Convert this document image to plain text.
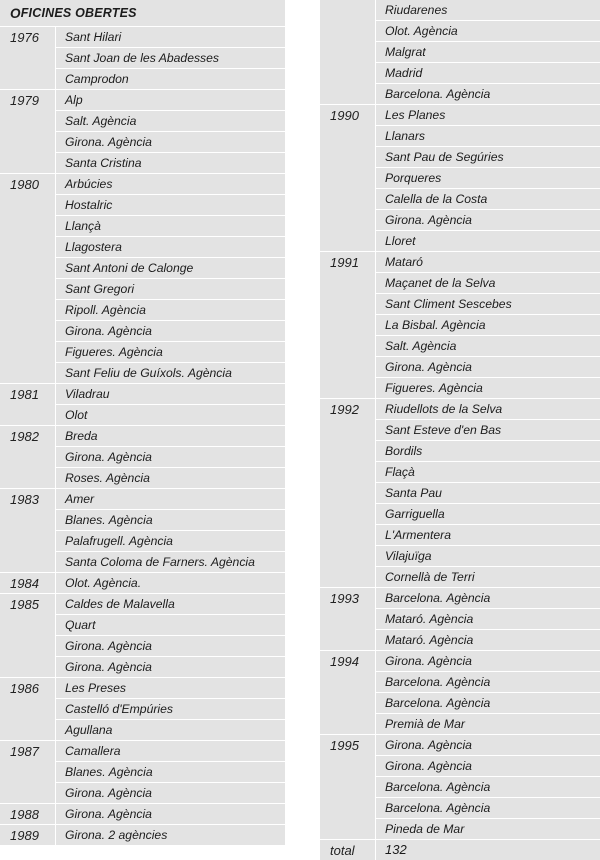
O FICINES OBERTES
1976	Sant Hilari
Sant Joan de les Abadesses
Camprodon
1979	Alp
Salt. Agència
Girona. Agència
Santa Cristina
1980	Arbúcies
Hostalric
Llançà
Llagostera
Sant Antoni de Calonge
Sant Gregori
Ripoll. Agència
Girona. Agència
Figueres. Agència
Sant Feliu de Guíxols. Agència
1981	Viladrau
Olot
1982	Breda
Girona. Agència
Roses. Agència
1983	Amer
Blanes. Agència
Palafrugell. Agència
Santa Coloma de Farners. Agència
1984	Olot. Agència.
1985	Caldes de Malavella
Quart
Girona. Agència
Girona. Agència
1986	Les Preses
Castelló d'Empúries
Agullana
1987	Camallera
Blanes. Agència
Girona. Agència
1988	Girona. Agència
1989	Girona. 2 agències
Riudarenes
Olot. Agència
Malgrat
Madrid
Barcelona. Agència
1990	Les Planes
Llanars
Sant Pau de Segúries
Porqueres
Calella de la Costa
Girona. Agència
Lloret
1991	Mataró
Maçanet de la Selva
Sant Climent Sescebes
La Bisbal. Agència
Salt. Agència
Girona. Agència
Figueres. Agència
1992	Riudellots de la Selva
Sant Esteve d'en Bas
Bordils
Flaçà
Santa Pau
Garriguella
L'Armentera
Vilajuïga
Cornellà de Terri
1993	Barcelona. Agència
Mataró. Agència
Mataró. Agència
1994	Girona. Agència
Barcelona. Agència
Barcelona. Agència
Premià de Mar
1995	Girona. Agència
Girona. Agència
Barcelona. Agència
Barcelona. Agència
Pineda de Mar
total	132
